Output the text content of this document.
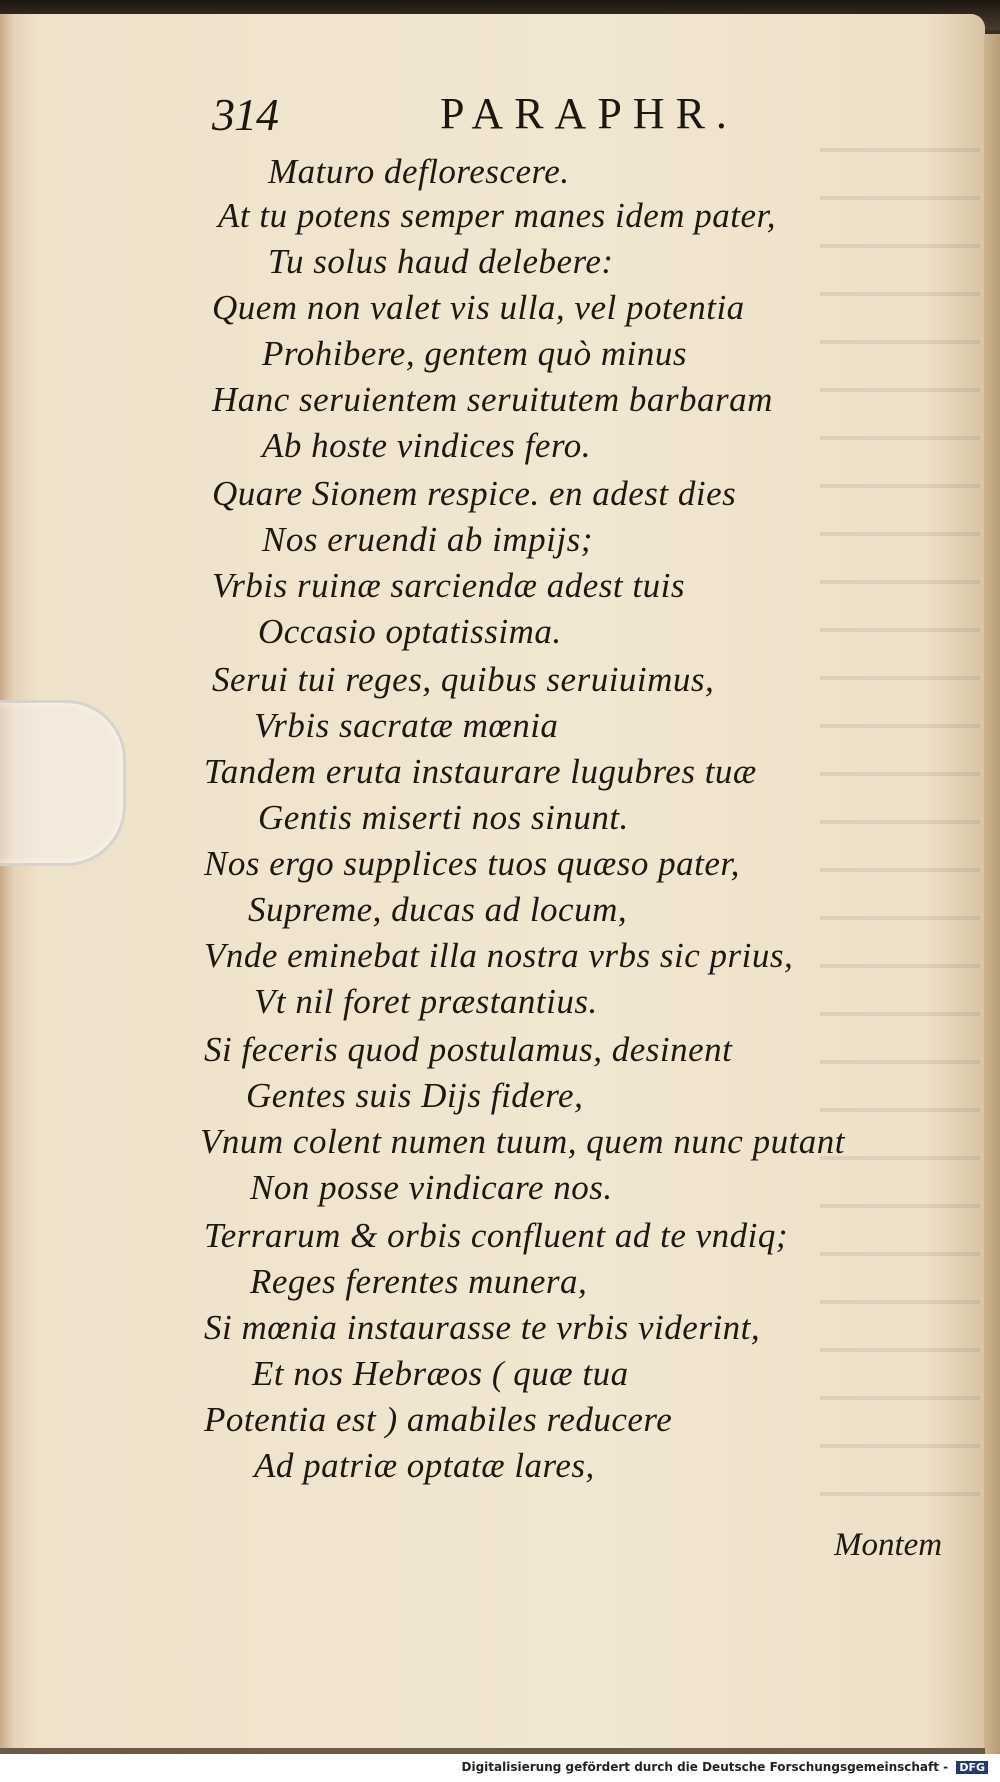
314	PARAPHR.
Maturo deflorescere.
At tu potens semper manes idem pater,
Tu solus haud delebere:
Quem non valet vis ulla, vel potentia
Prohibere, gentem quò minus
Hanc seruientem seruitutem barbaram
Ab hoste vindices fero.
Quare Sionem respice. en adest dies
Nos eruendi ab impijs;
Vrbis ruinæ sarciendæ adest tuis
Occasio optatissima.
Serui tui reges, quibus seruiuimus,
Vrbis sacratæ mœnia
Tandem eruta instaurare lugubres tuæ
Gentis miserti nos sinunt.
Nos ergo supplices tuos quæso pater,
Supreme, ducas ad locum,
Vnde eminebat illa nostra vrbs sic prius,
Vt nil foret præstantius.
Si feceris quod postulamus, desinent
Gentes suis Dijs fidere,
Vnum colent numen tuum, quem nunc putant
Non posse vindicare nos.
Terrarum & orbis confluent ad te vndiq;
Reges ferentes munera,
Si mœnia instaurasse te vrbis viderint,
Et nos Hebræos ( quæ tua
Potentia est ) amabiles reducere
Ad patriæ optatæ lares,
Montem
Digitalisierung gefördert durch die Deutsche Forschungsgemeinschaft - DFG
